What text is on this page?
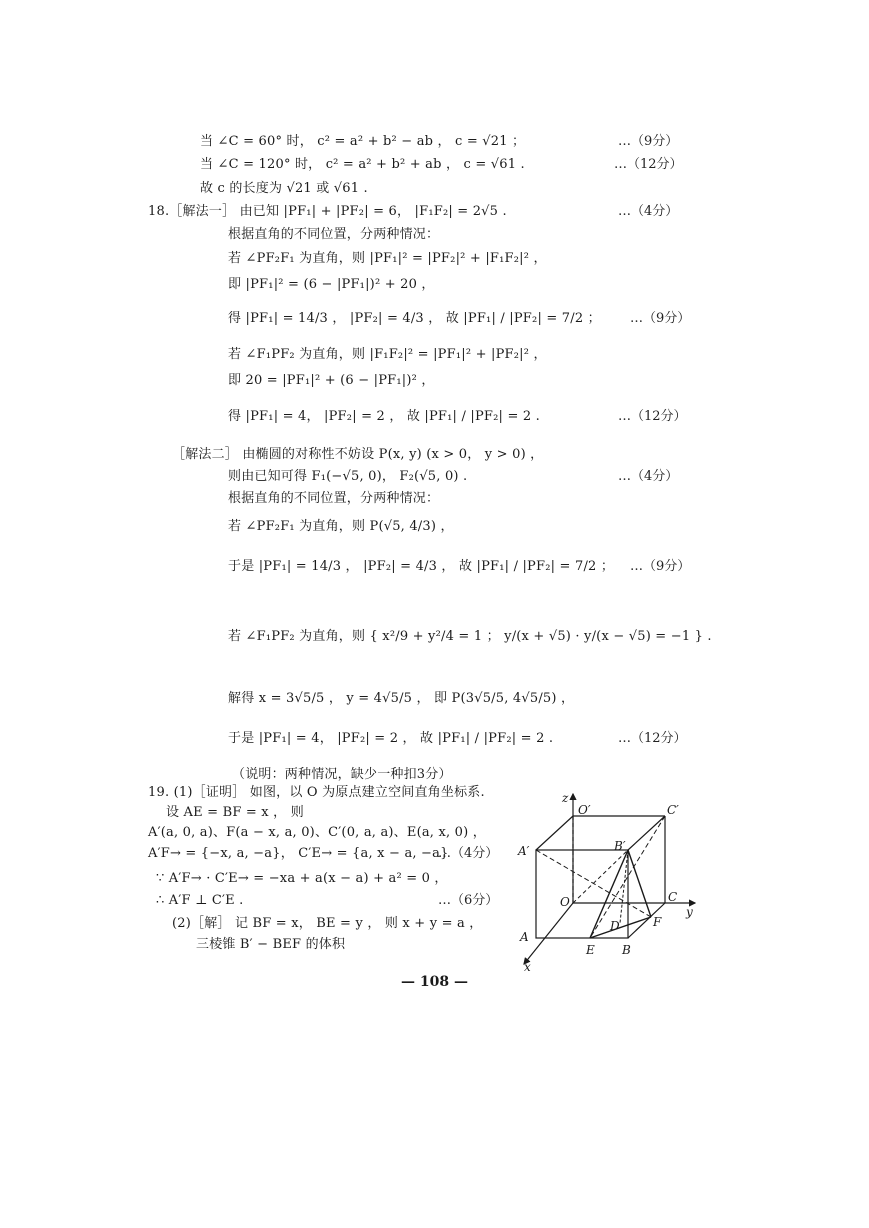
当 ∠C = 60° 时， c² = a² + b² − ab ， c = √21 ；	…（9分）
当 ∠C = 120° 时， c² = a² + b² + ab ， c = √61 .	…（12分）
故 c 的长度为 √21 或 √61 .
18.［解法一］ 由已知 |PF₁| + |PF₂| = 6， |F₁F₂| = 2√5 .	…（4分）
根据直角的不同位置，分两种情况：
若 ∠PF₂F₁ 为直角，则 |PF₁|² = |PF₂|² + |F₁F₂|² ，
即 |PF₁|² = (6 − |PF₁|)² + 20 ，
得 |PF₁| = 14/3 ， |PF₂| = 4/3 ， 故 |PF₁| / |PF₂| = 7/2 ； …（9分）
若 ∠F₁PF₂ 为直角，则 |F₁F₂|² = |PF₁|² + |PF₂|² ，
即 20 = |PF₁|² + (6 − |PF₁|)² ，
得 |PF₁| = 4， |PF₂| = 2 ， 故 |PF₁| / |PF₂| = 2 .	…（12分）
［解法二］ 由椭圆的对称性不妨设 P(x, y) (x > 0， y > 0) ，
则由已知可得 F₁(−√5, 0)， F₂(√5, 0) .	…（4分）
根据直角的不同位置，分两种情况：
若 ∠PF₂F₁ 为直角，则 P(√5, 4/3) ，
于是 |PF₁| = 14/3 ， |PF₂| = 4/3 ， 故 |PF₁| / |PF₂| = 7/2 ； …（9分）
若 ∠F₁PF₂ 为直角，则 { x²/9 + y²/4 = 1 ； y/(x + √5) · y/(x − √5) = −1 } .
解得 x = 3√5/5 ， y = 4√5/5 ， 即 P(3√5/5, 4√5/5) ，
于是 |PF₁| = 4， |PF₂| = 2 ， 故 |PF₁| / |PF₂| = 2 .	…（12分）
（说明：两种情况，缺少一种扣3分）
19. (1)［证明］ 如图，以 O 为原点建立空间直角坐标系.
设 AE = BF = x ， 则
A′(a, 0, a)、F(a − x, a, 0)、C′(0, a, a)、E(a, x, 0) ，
A′F→ = {−x, a, −a}， C′E→ = {a, x − a, −a}
…（4分）
∵ A′F→ · C′E→ = −xa + a(x − a) + a² = 0 ，
∴ A′F ⊥ C′E .	…（6分）
(2)［解］ 记 BF = x， BE = y ， 则 x + y = a ，
三棱锥 B′ − BEF 的体积
z
O′	C′
A′	B′
O	C
y
D	F
A
E B
x
— 108 —
